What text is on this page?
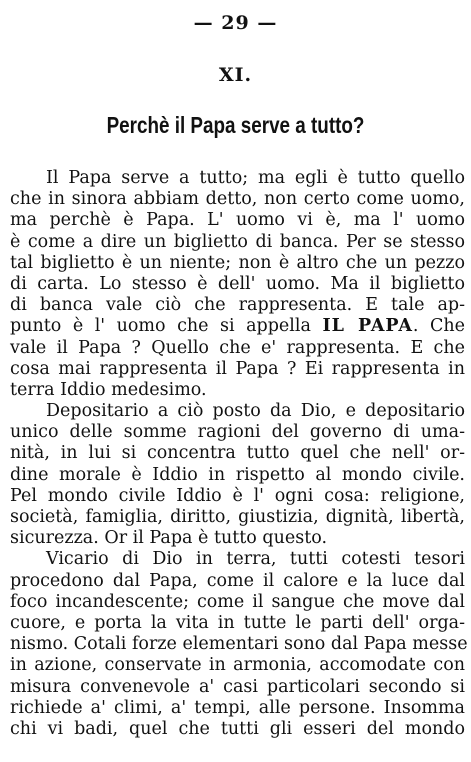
— 29 —
XI.
Perchè il Papa serve a tutto?
Il Papa serve a tutto; ma egli è tutto quello
che in sinora abbiam detto, non certo come uomo,
ma perchè è Papa. L' uomo vi è, ma l' uomo
è come a dire un biglietto di banca. Per se stesso
tal biglietto è un niente; non è altro che un pezzo
di carta. Lo stesso è dell' uomo. Ma il biglietto
di banca vale ciò che rappresenta. E tale ap-
punto è l' uomo che si appella IL PAPA. Che
vale il Papa ? Quello che e' rappresenta. E che
cosa mai rappresenta il Papa ? Ei rappresenta in
terra Iddio medesimo.
Depositario a ciò posto da Dio, e depositario
unico delle somme ragioni del governo di uma-
nità, in lui si concentra tutto quel che nell' or-
dine morale è Iddio in rispetto al mondo civile.
Pel mondo civile Iddio è l' ogni cosa: religione,
società, famiglia, diritto, giustizia, dignità, libertà,
sicurezza. Or il Papa è tutto questo.
Vicario di Dio in terra, tutti cotesti tesori
procedono dal Papa, come il calore e la luce dal
foco incandescente; come il sangue che move dal
cuore, e porta la vita in tutte le parti dell' orga-
nismo. Cotali forze elementari sono dal Papa messe
in azione, conservate in armonia, accomodate con
misura convenevole a' casi particolari secondo si
richiede a' climi, a' tempi, alle persone. Insomma
chi vi badi, quel che tutti gli esseri del mondo
